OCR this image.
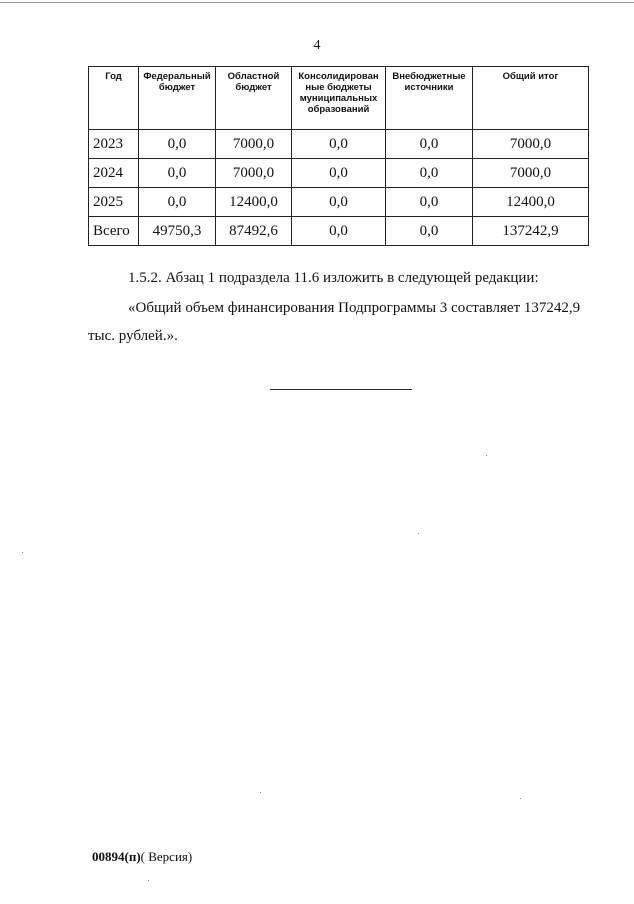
4
Год	Федеральный бюджет	Областной бюджет	Консолидирован ные бюджеты муниципальных образований	Внебюджетные источники	Общий итог
2023	0,0	7000,0	0,0	0,0	7000,0
2024	0,0	7000,0	0,0	0,0	7000,0
2025	0,0	12400,0	0,0	0,0	12400,0
Всего	49750,3	87492,6	0,0	0,0	137242,9
1.5.2. Абзац 1 подраздела 11.6 изложить в следующей редакции:
«Общий объем финансирования Подпрограммы 3 составляет 137242,9
тыс. рублей.».
00894(п)( Версия)
